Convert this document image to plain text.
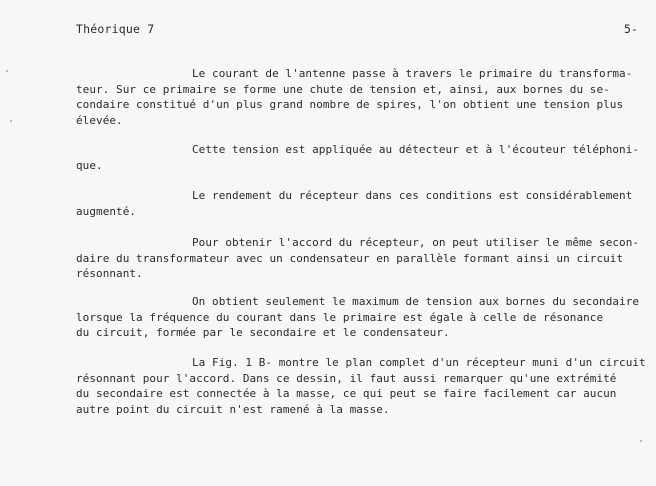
Théorique 7	5-
Le courant de l'antenne passe à travers le primaire du transforma-
teur. Sur ce primaire se forme une chute de tension et, ainsi, aux bornes du se-
condaire constitué d'un plus grand nombre de spires, l'on obtient une tension plus
élevée.
Cette tension est appliquée au détecteur et à l'écouteur téléphoni-
que.
Le rendement du récepteur dans ces conditions est considérablement
augmenté.
Pour obtenir l'accord du récepteur, on peut utiliser le même secon-
daire du transformateur avec un condensateur en parallèle formant ainsi un circuit
résonnant.
On obtient seulement le maximum de tension aux bornes du secondaire
lorsque la fréquence du courant dans le primaire est égale à celle de résonance
du circuit, formée par le secondaire et le condensateur.
La Fig. 1 B- montre le plan complet d'un récepteur muni d'un circuit
résonnant pour l'accord. Dans ce dessin, il faut aussi remarquer qu'une extrémité
du secondaire est connectée à la masse, ce qui peut se faire facilement car aucun
autre point du circuit n'est ramené à la masse.
